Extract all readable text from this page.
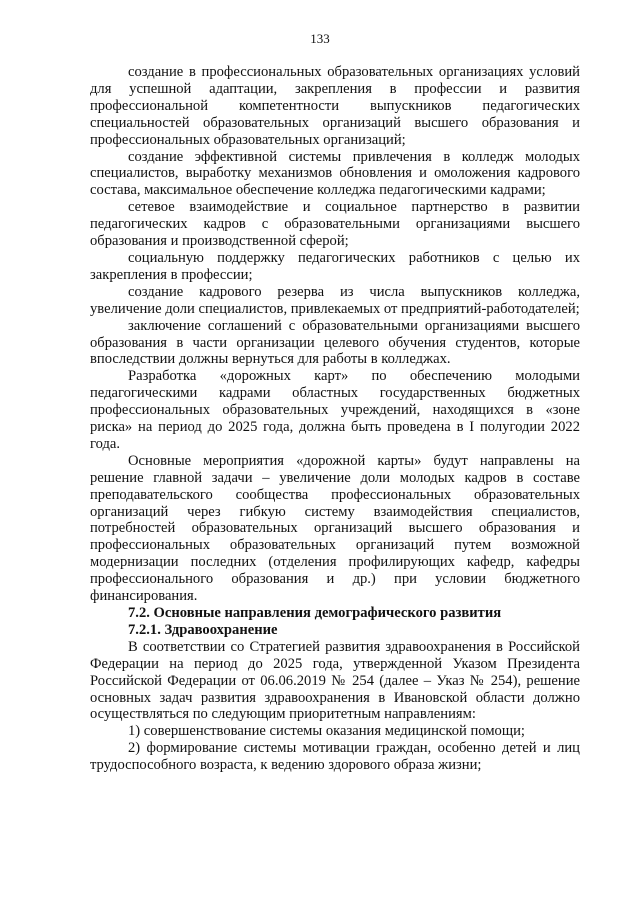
133

создание в профессиональных образовательных организациях условий для успешной адаптации, закрепления в профессии и развития профессиональной компетентности выпускников педагогических специальностей образовательных организаций высшего образования и профессиональных образовательных организаций;

создание эффективной системы привлечения в колледж молодых специалистов, выработку механизмов обновления и омоложения кадрового состава, максимальное обеспечение колледжа педагогическими кадрами;

сетевое взаимодействие и социальное партнерство в развитии педагогических кадров с образовательными организациями высшего образования и производственной сферой;

социальную поддержку педагогических работников с целью их закрепления в профессии;

создание кадрового резерва из числа выпускников колледжа, увеличение доли специалистов, привлекаемых от предприятий-работодателей;

заключение соглашений с образовательными организациями высшего образования в части организации целевого обучения студентов, которые впоследствии должны вернуться для работы в колледжах.

Разработка «дорожных карт» по обеспечению молодыми педагогическими кадрами областных государственных бюджетных профессиональных образовательных учреждений, находящихся в «зоне риска» на период до 2025 года, должна быть проведена в I полугодии 2022 года.

Основные мероприятия «дорожной карты» будут направлены на решение главной задачи – увеличение доли молодых кадров в составе преподавательского сообщества профессиональных образовательных организаций через гибкую систему взаимодействия специалистов, потребностей образовательных организаций высшего образования и профессиональных образовательных организаций путем возможной модернизации последних (отделения профилирующих кафедр, кафедры профессионального образования и др.) при условии бюджетного финансирования.

7.2. Основные направления демографического развития

7.2.1. Здравоохранение

В соответствии со Стратегией развития здравоохранения в Российской Федерации на период до 2025 года, утвержденной Указом Президента Российской Федерации от 06.06.2019 № 254 (далее – Указ № 254), решение основных задач развития здравоохранения в Ивановской области должно осуществляться по следующим приоритетным направлениям:

1) совершенствование системы оказания медицинской помощи;

2) формирование системы мотивации граждан, особенно детей и лиц трудоспособного возраста, к ведению здорового образа жизни;
